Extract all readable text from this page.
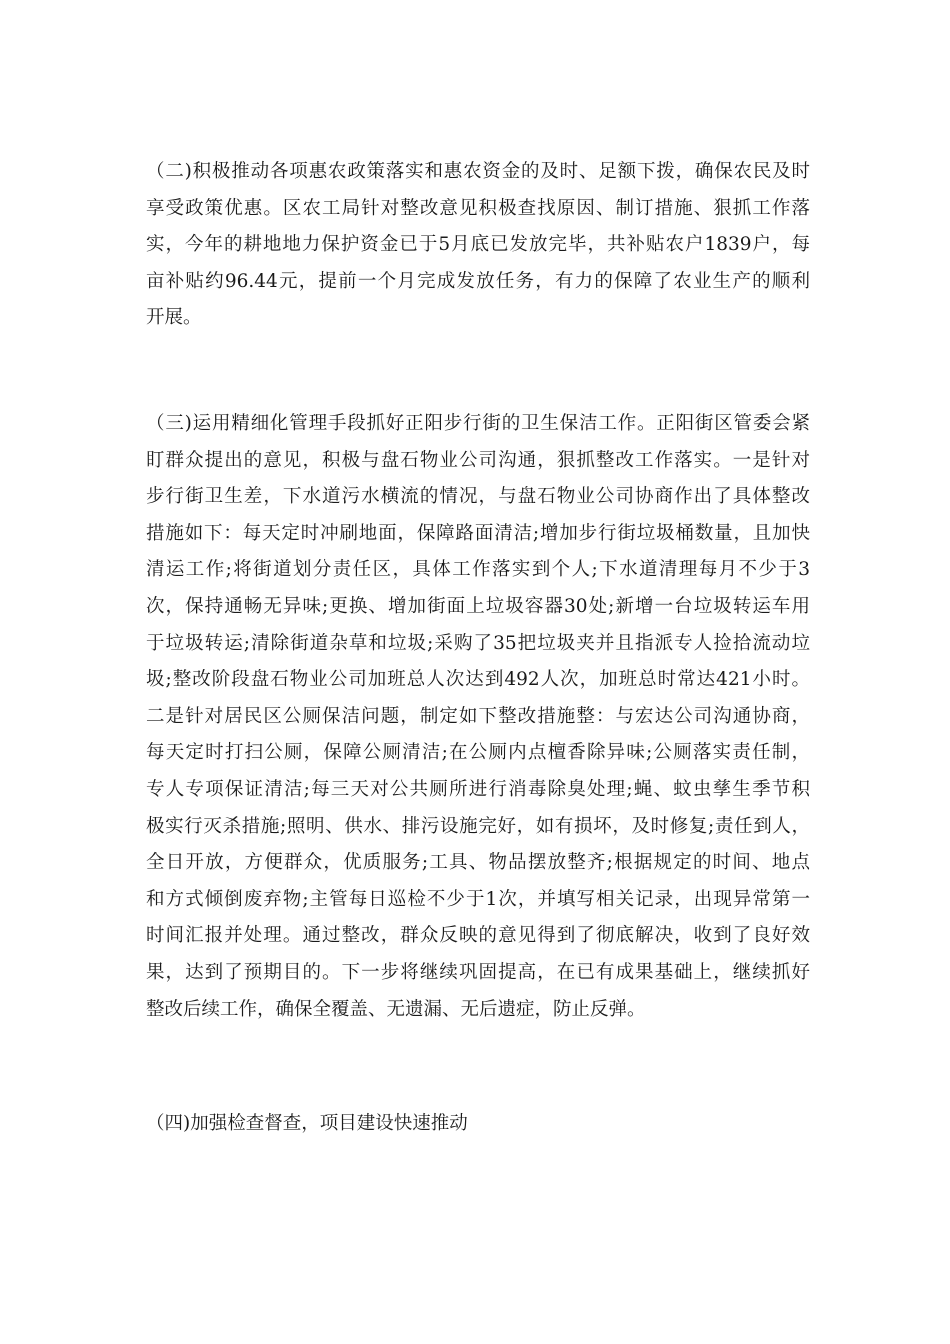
（二)积极推动各项惠农政策落实和惠农资金的及时、足额下拨，确保农民及时
享受政策优惠。区农工局针对整改意见积极查找原因、制订措施、狠抓工作落
实，今年的耕地地力保护资金已于5月底已发放完毕，共补贴农户1839户，每
亩补贴约96.44元，提前一个月完成发放任务，有力的保障了农业生产的顺利
开展。

（三)运用精细化管理手段抓好正阳步行街的卫生保洁工作。正阳街区管委会紧
盯群众提出的意见，积极与盘石物业公司沟通，狠抓整改工作落实。一是针对
步行街卫生差，下水道污水横流的情况，与盘石物业公司协商作出了具体整改
措施如下：每天定时冲刷地面，保障路面清洁;增加步行街垃圾桶数量，且加快
清运工作;将街道划分责任区，具体工作落实到个人;下水道清理每月不少于3
次，保持通畅无异味;更换、增加街面上垃圾容器30处;新增一台垃圾转运车用
于垃圾转运;清除街道杂草和垃圾;采购了35把垃圾夹并且指派专人捡拾流动垃
圾;整改阶段盘石物业公司加班总人次达到492人次，加班总时常达421小时。
二是针对居民区公厕保洁问题，制定如下整改措施整：与宏达公司沟通协商，
每天定时打扫公厕，保障公厕清洁;在公厕内点檀香除异味;公厕落实责任制，
专人专项保证清洁;每三天对公共厕所进行消毒除臭处理;蝇、蚊虫孳生季节积
极实行灭杀措施;照明、供水、排污设施完好，如有损坏，及时修复;责任到人，
全日开放，方便群众，优质服务;工具、物品摆放整齐;根据规定的时间、地点
和方式倾倒废弃物;主管每日巡检不少于1次，并填写相关记录，出现异常第一
时间汇报并处理。通过整改，群众反映的意见得到了彻底解决，收到了良好效
果，达到了预期目的。下一步将继续巩固提高，在已有成果基础上，继续抓好
整改后续工作，确保全覆盖、无遗漏、无后遗症，防止反弹。

（四)加强检查督查，项目建设快速推动
